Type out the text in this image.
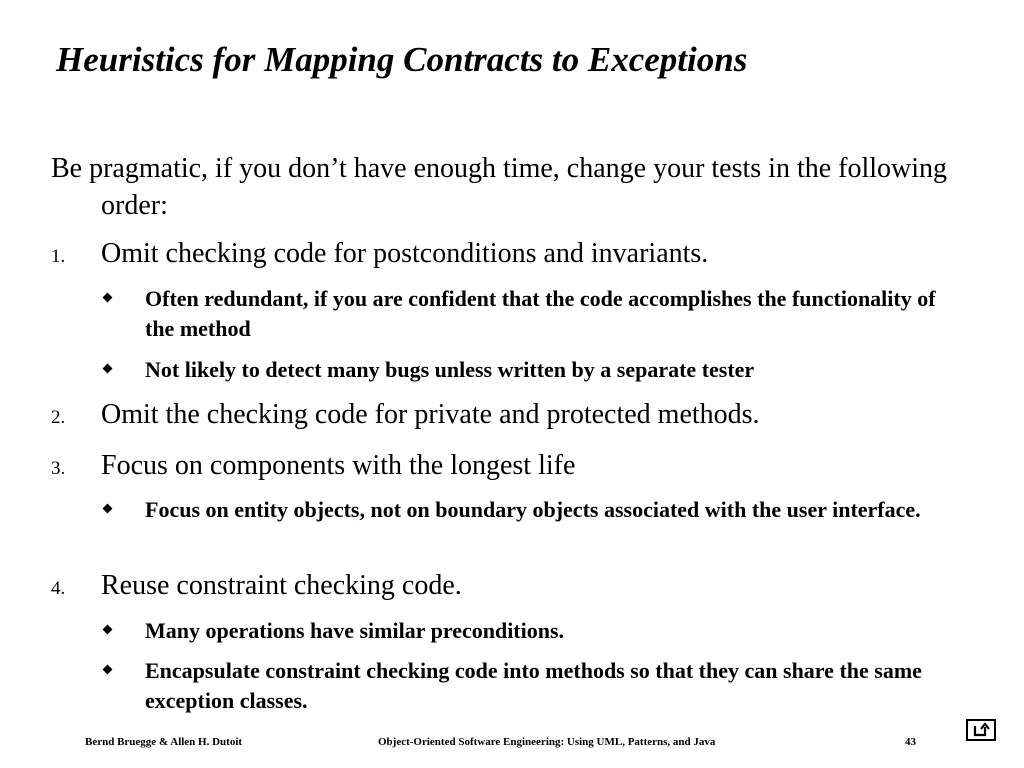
Heuristics for Mapping Contracts to Exceptions
Be pragmatic, if you don’t have enough time, change your tests in the following order:
1. Omit checking code for postconditions and invariants.
Often redundant, if you are confident that the code accomplishes the functionality of the method
Not likely to detect many bugs unless written by a separate tester
2. Omit the checking code for private and protected methods.
3. Focus on components with the longest life
Focus on entity objects, not on boundary objects associated with the user interface.
4. Reuse constraint checking code.
Many operations have similar preconditions.
Encapsulate constraint checking code into methods so that they can share the same exception classes.
Bernd Bruegge & Allen H. Dutoit	Object-Oriented Software Engineering: Using UML, Patterns, and Java	43
